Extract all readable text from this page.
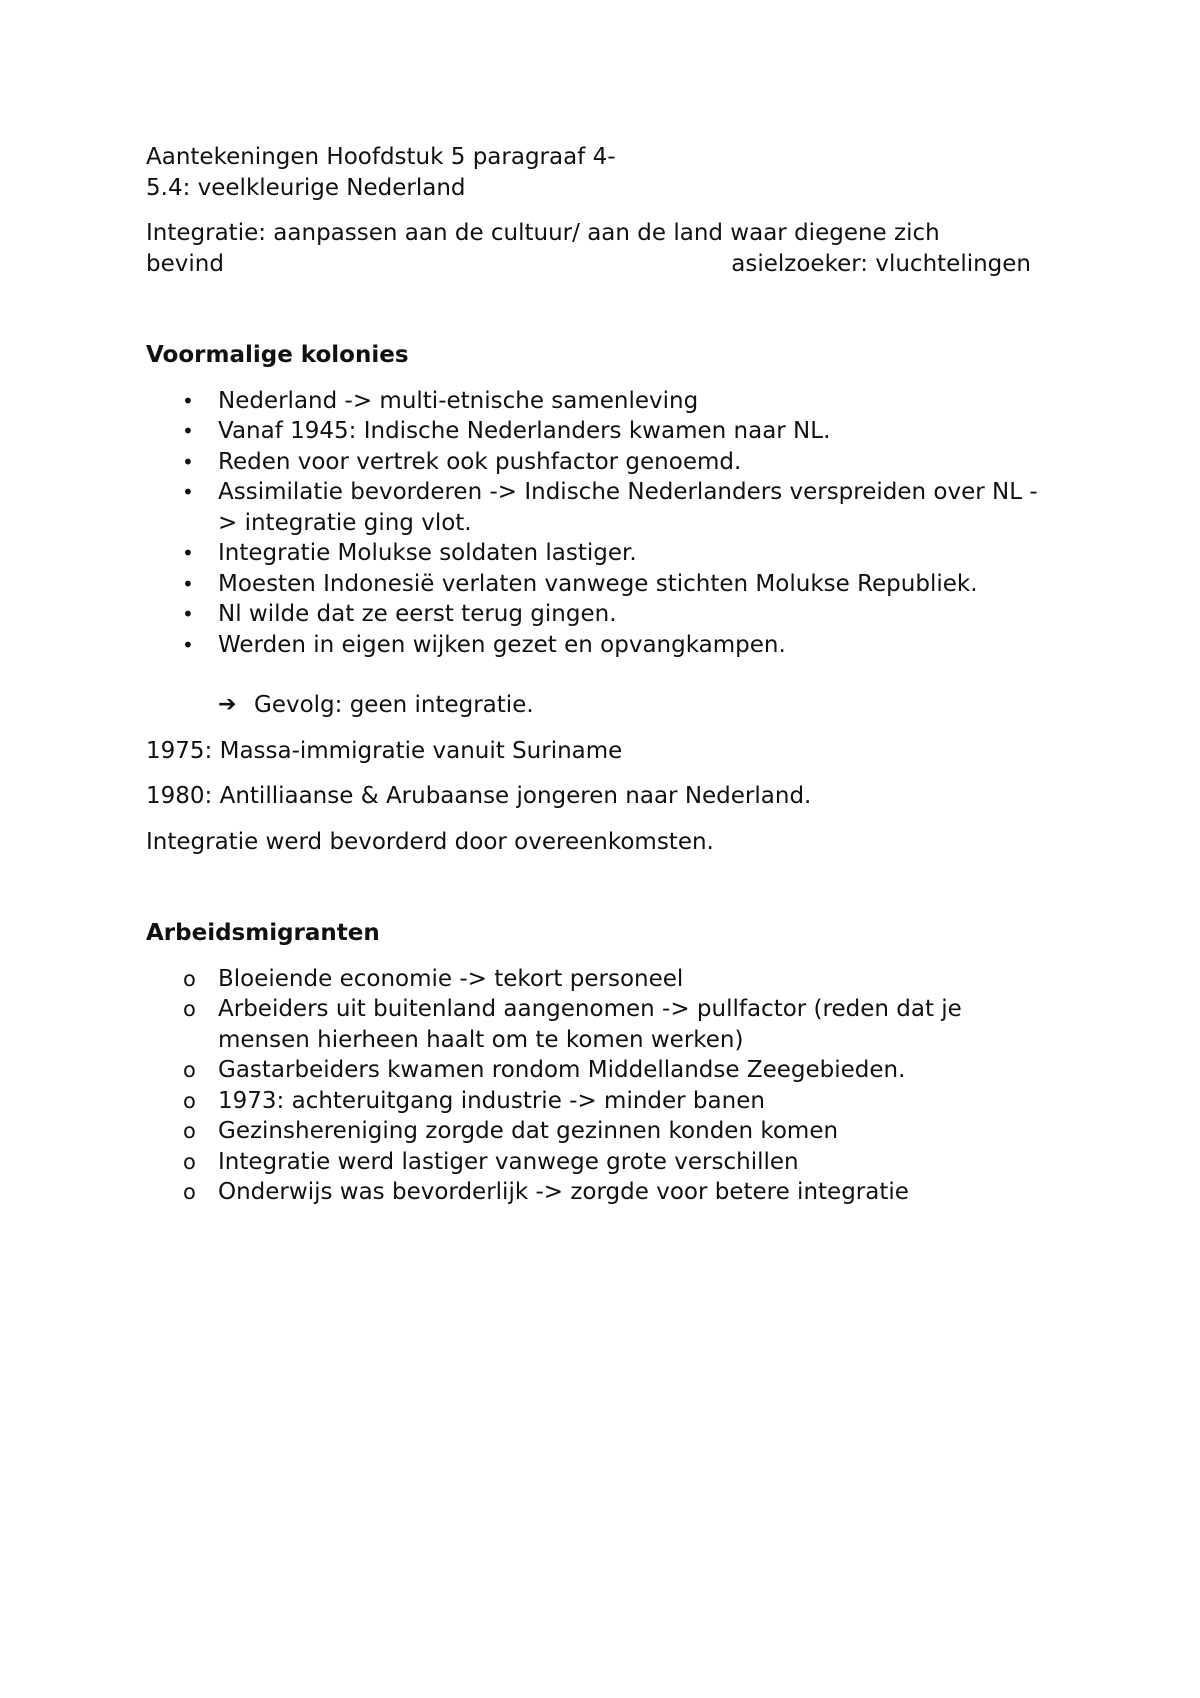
Aantekeningen Hoofdstuk 5 paragraaf 4-

5.4: veelkleurige Nederland

Integratie: aanpassen aan de cultuur/ aan de land waar diegene zich

bevind	asielzoeker: vluchtelingen

Voormalige kolonies

•	Nederland -> multi-etnische samenleving
•	Vanaf 1945: Indische Nederlanders kwamen naar NL.
•	Reden voor vertrek ook pushfactor genoemd.
•	Assimilatie bevorderen -> Indische Nederlanders verspreiden over NL -> integratie ging vlot.
•	Integratie Molukse soldaten lastiger.
•	Moesten Indonesië verlaten vanwege stichten Molukse Republiek.
•	Nl wilde dat ze eerst terug gingen.
•	Werden in eigen wijken gezet en opvangkampen.
➔ Gevolg: geen integratie.

1975: Massa-immigratie vanuit Suriname

1980: Antilliaanse & Arubaanse jongeren naar Nederland.

Integratie werd bevorderd door overeenkomsten.

Arbeidsmigranten

o Bloeiende economie -> tekort personeel
o Arbeiders uit buitenland aangenomen -> pullfactor (reden dat je mensen hierheen haalt om te komen werken)
o Gastarbeiders kwamen rondom Middellandse Zeegebieden.
o 1973: achteruitgang industrie -> minder banen
o Gezinshereniging zorgde dat gezinnen konden komen
o Integratie werd lastiger vanwege grote verschillen
o Onderwijs was bevorderlijk -> zorgde voor betere integratie
